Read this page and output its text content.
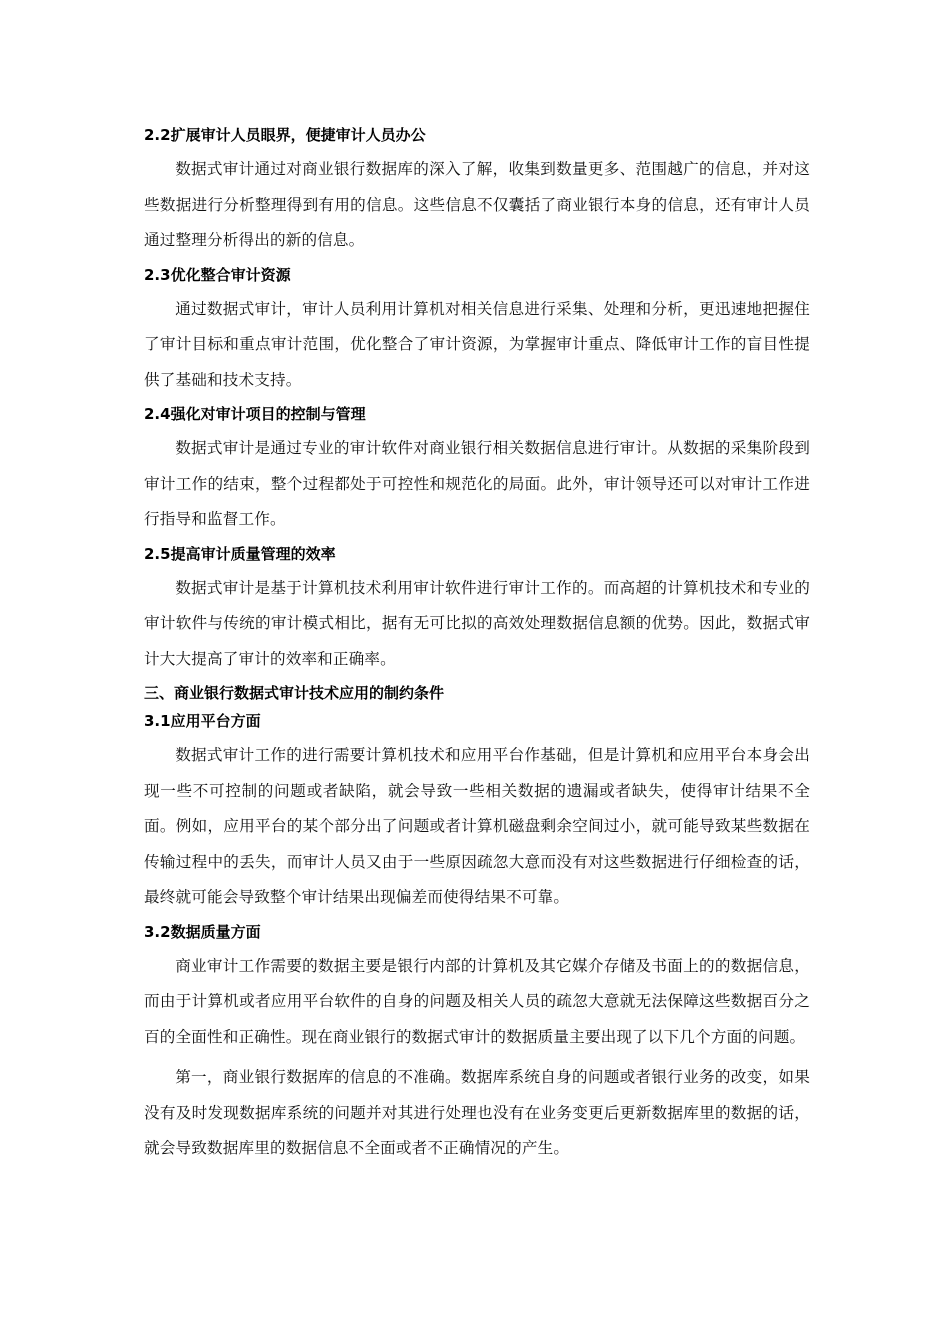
2.2扩展审计人员眼界，便捷审计人员办公

数据式审计通过对商业银行数据库的深入了解，收集到数量更多、范围越广的信息，并对这些数据进行分析整理得到有用的信息。这些信息不仅囊括了商业银行本身的信息，还有审计人员通过整理分析得出的新的信息。

2.3优化整合审计资源

通过数据式审计，审计人员利用计算机对相关信息进行采集、处理和分析，更迅速地把握住了审计目标和重点审计范围，优化整合了审计资源，为掌握审计重点、降低审计工作的盲目性提供了基础和技术支持。

2.4强化对审计项目的控制与管理

数据式审计是通过专业的审计软件对商业银行相关数据信息进行审计。从数据的采集阶段到审计工作的结束，整个过程都处于可控性和规范化的局面。此外，审计领导还可以对审计工作进行指导和监督工作。

2.5提高审计质量管理的效率

数据式审计是基于计算机技术利用审计软件进行审计工作的。而高超的计算机技术和专业的审计软件与传统的审计模式相比，据有无可比拟的高效处理数据信息额的优势。因此，数据式审计大大提高了审计的效率和正确率。

三、商业银行数据式审计技术应用的制约条件
3.1应用平台方面

数据式审计工作的进行需要计算机技术和应用平台作基础，但是计算机和应用平台本身会出现一些不可控制的问题或者缺陷，就会导致一些相关数据的遗漏或者缺失，使得审计结果不全面。例如，应用平台的某个部分出了问题或者计算机磁盘剩余空间过小，就可能导致某些数据在传输过程中的丢失，而审计人员又由于一些原因疏忽大意而没有对这些数据进行仔细检查的话，最终就可能会导致整个审计结果出现偏差而使得结果不可靠。

3.2数据质量方面

商业审计工作需要的数据主要是银行内部的计算机及其它媒介存储及书面上的的数据信息，而由于计算机或者应用平台软件的自身的问题及相关人员的疏忽大意就无法保障这些数据百分之百的全面性和正确性。现在商业银行的数据式审计的数据质量主要出现了以下几个方面的问题。

第一，商业银行数据库的信息的不准确。数据库系统自身的问题或者银行业务的改变，如果没有及时发现数据库系统的问题并对其进行处理也没有在业务变更后更新数据库里的数据的话，就会导致数据库里的数据信息不全面或者不正确情况的产生。
